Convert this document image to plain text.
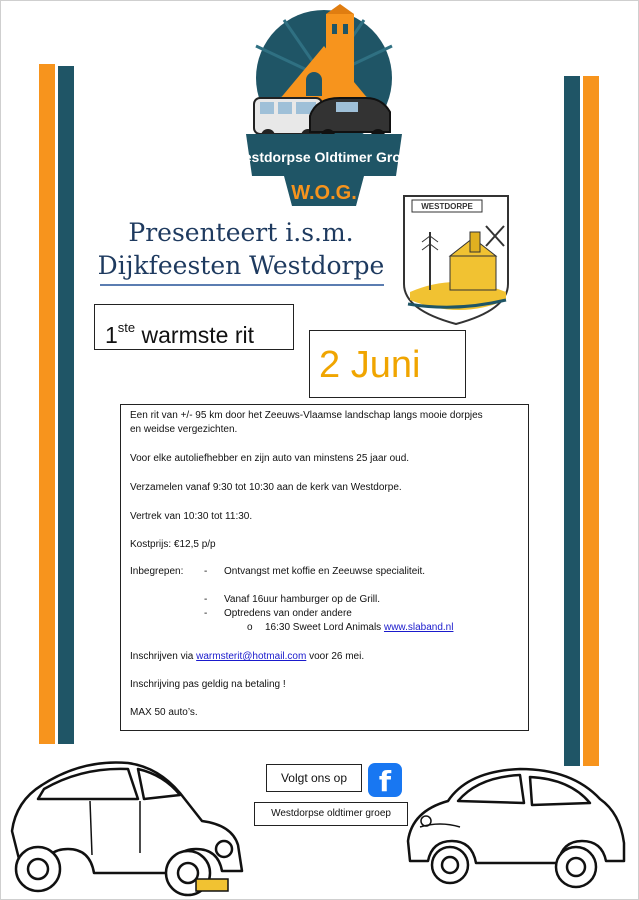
Westdorpse Oldtimer Groep
W.O.G.
Presenteert i.s.m.
Dijkfeesten Westdorpe
WESTDORPE
1ste warmste rit
2 Juni

Een rit van +/- 95 km door het Zeeuws-Vlaamse landschap langs mooie dorpjes

en weidse vergezichten.

Voor elke autoliefhebber en zijn auto van minstens 25 jaar oud.

Verzamelen vanaf 9:30 tot 10:30 aan de kerk van Westdorpe.

Vertrek van 10:30 tot 11:30.

Kostprijs: €12,5 p/p

Inbegrepen: - Ontvangst met koffie en Zeeuwse specialiteit.

- Vanaf 16uur hamburger op de Grill.

- Optredens van onder andere

o 16:30 Sweet Lord Animals www.slaband.nl

Inschrijven via warmsterit@hotmail.com voor 26 mei.

Inschrijving pas geldig na betaling !

MAX 50 auto’s.

Volgt ons op	f
Westdorpse oldtimer groep
